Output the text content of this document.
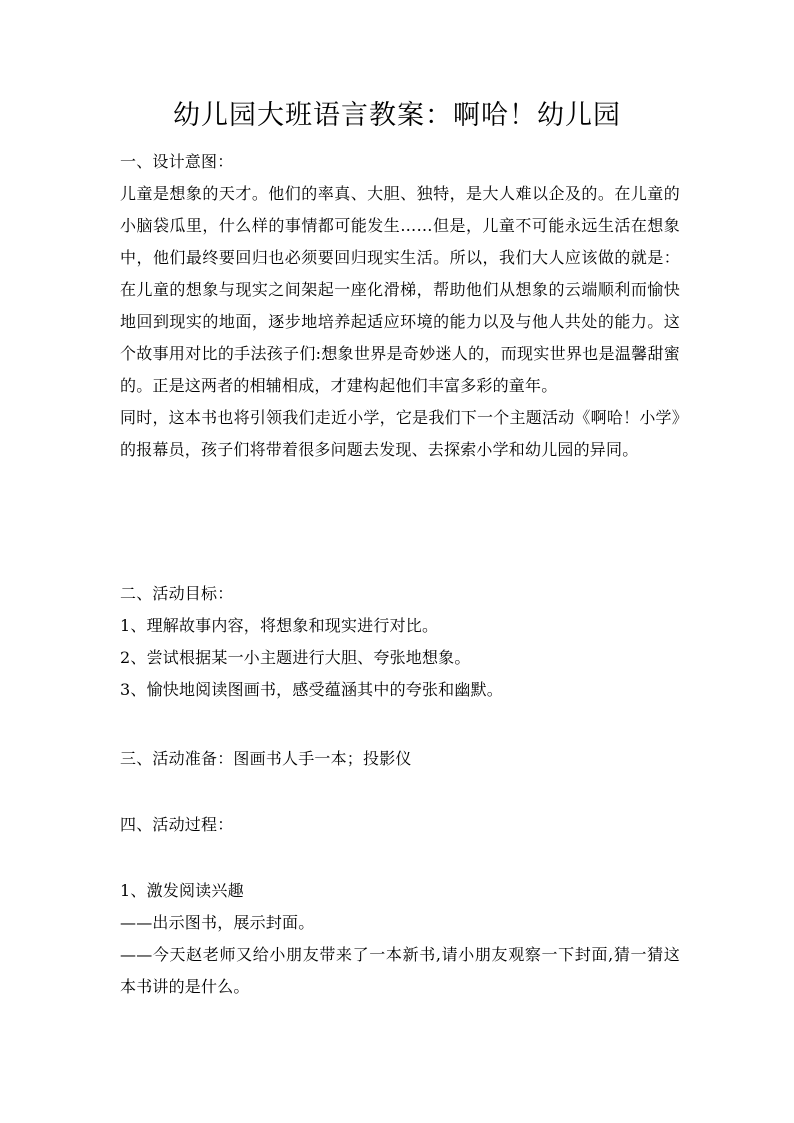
幼儿园大班语言教案：啊哈！幼儿园

一、设计意图：

儿童是想象的天才。他们的率真、大胆、独特，是大人难以企及的。在儿童的小脑袋瓜里，什么样的事情都可能发生……但是，儿童不可能永远生活在想象中，他们最终要回归也必须要回归现实生活。所以，我们大人应该做的就是：在儿童的想象与现实之间架起一座化滑梯，帮助他们从想象的云端顺利而愉快地回到现实的地面，逐步地培养起适应环境的能力以及与他人共处的能力。这个故事用对比的手法孩子们:想象世界是奇妙迷人的，而现实世界也是温馨甜蜜的。正是这两者的相辅相成，才建构起他们丰富多彩的童年。

同时，这本书也将引领我们走近小学，它是我们下一个主题活动《啊哈！小学》的报幕员，孩子们将带着很多问题去发现、去探索小学和幼儿园的异同。

二、活动目标：

1、理解故事内容，将想象和现实进行对比。

2、尝试根据某一小主题进行大胆、夸张地想象。

3、愉快地阅读图画书，感受蕴涵其中的夸张和幽默。

三、活动准备：图画书人手一本；投影仪

四、活动过程：

1、激发阅读兴趣

——出示图书，展示封面。

——今天赵老师又给小朋友带来了一本新书,请小朋友观察一下封面,猜一猜这本书讲的是什么。
